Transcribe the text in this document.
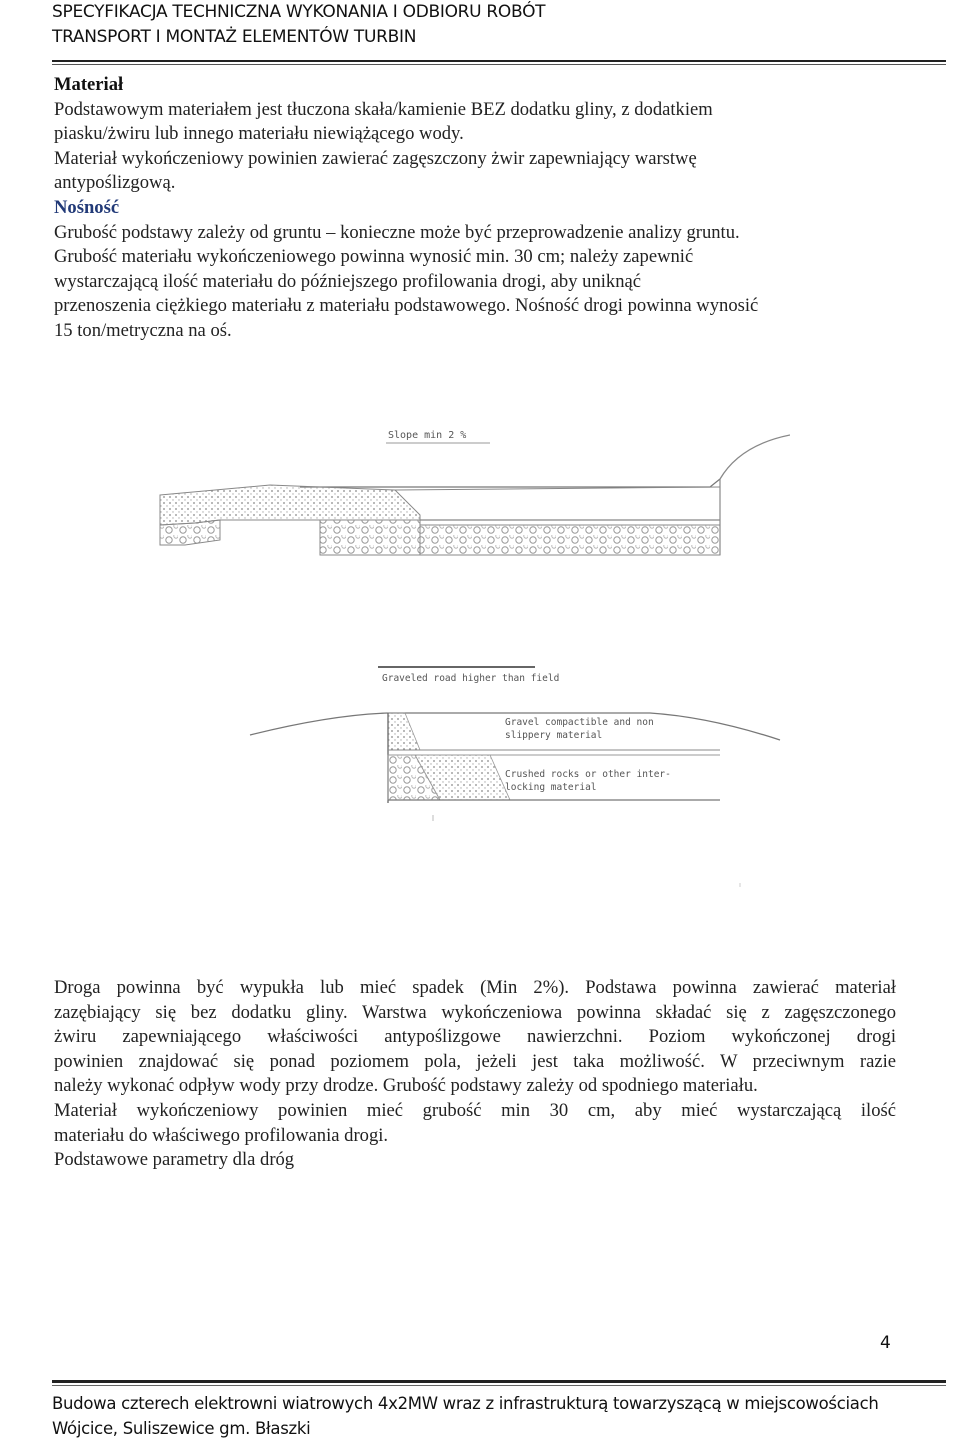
SPECYFIKACJA TECHNICZNA WYKONANIA I ODBIORU ROBÓT
TRANSPORT I MONTAŻ ELEMENTÓW TURBIN
Materiał
Podstawowym materiałem jest tłuczona skała/kamienie BEZ dodatku gliny, z dodatkiem
piasku/żwiru lub innego materiału niewiążącego wody.
Materiał wykończeniowy powinien zawierać zagęszczony żwir zapewniający warstwę
antypoślizgową.
Nośność
Grubość podstawy zależy od gruntu – konieczne może być przeprowadzenie analizy gruntu.
Grubość materiału wykończeniowego powinna wynosić min. 30 cm; należy zapewnić
wystarczającą ilość materiału do późniejszego profilowania drogi, aby uniknąć
przenoszenia ciężkiego materiału z materiału podstawowego. Nośność drogi powinna wynosić
15 ton/metryczna na oś.
Slope min 2 %
Graveled road higher than field
Gravel compactible and non
slippery material
Crushed rocks or other inter-
locking material
Droga powinna być wypukła lub mieć spadek (Min 2%). Podstawa powinna zawierać materiał
zazębiający się bez dodatku gliny. Warstwa wykończeniowa powinna składać się z zagęszczonego
żwiru zapewniającego właściwości antypoślizgowe nawierzchni. Poziom wykończonej drogi
powinien znajdować się ponad poziomem pola, jeżeli jest taka możliwość. W przeciwnym razie
należy wykonać odpływ wody przy drodze. Grubość podstawy zależy od spodniego materiału.
Materiał wykończeniowy powinien mieć grubość min 30 cm, aby mieć wystarczającą ilość
materiału do właściwego profilowania drogi.
Podstawowe parametry dla dróg
4
Budowa czterech elektrowni wiatrowych 4x2MW wraz z infrastrukturą towarzyszącą w miejscowościach
Wójcice, Suliszewice gm. Błaszki
